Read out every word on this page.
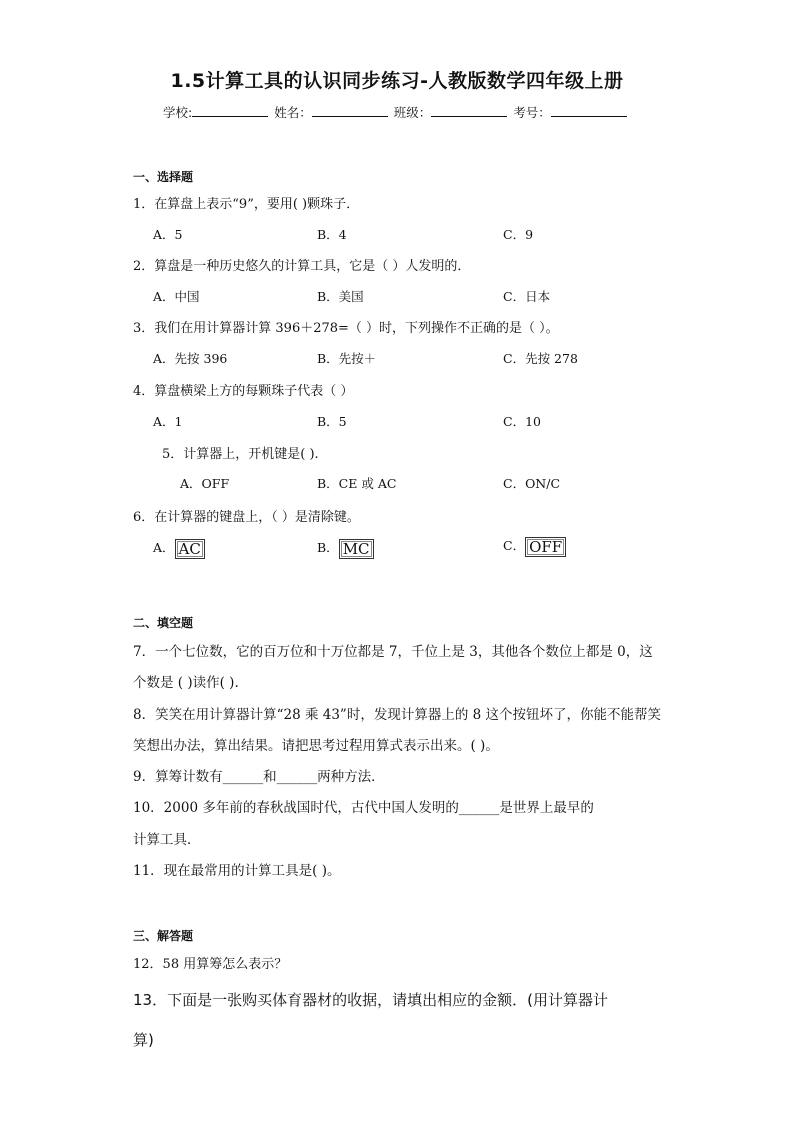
1.5计算工具的认识同步练习-人教版数学四年级上册
学校:	姓名：	班级：	考号：
一、选择题
1．在算盘上表示“9”，要用( )颗珠子．
A．5	B．4	C．9
2．算盘是一种历史悠久的计算工具，它是（ ）人发明的．
A．中国	B．美国	C．日本
3．我们在用计算器计算 396＋278=（ ）时，下列操作不正确的是（ ）。
A．先按 396	B．先按＋	C．先按 278
4．算盘横梁上方的每颗珠子代表（ ）
A．1	B．5	C．10
5．计算器上，开机键是( ).
A．OFF	B．CE 或 AC	C．ON/C
6．在计算器的键盘上，（ ）是清除键。
A． AC	B． MC	C． OFF
二、填空题
7．一个七位数，它的百万位和十万位都是 7，千位上是 3，其他各个数位上都是 0，这
个数是 ( )读作( ).
8．笑笑在用计算器计算“28 乘 43”时，发现计算器上的 8 这个按钮坏了，你能不能帮笑
笑想出办法，算出结果。请把思考过程用算式表示出来。( )。
9．算筹计数有______和______两种方法．
10．2000 多年前的春秋战国时代，古代中国人发明的______是世界上最早的
计算工具．
11．现在最常用的计算工具是( )。
三、解答题
12．58 用算筹怎么表示？
13．下面是一张购买体育器材的收据，请填出相应的金额．(用计算器计
算)
